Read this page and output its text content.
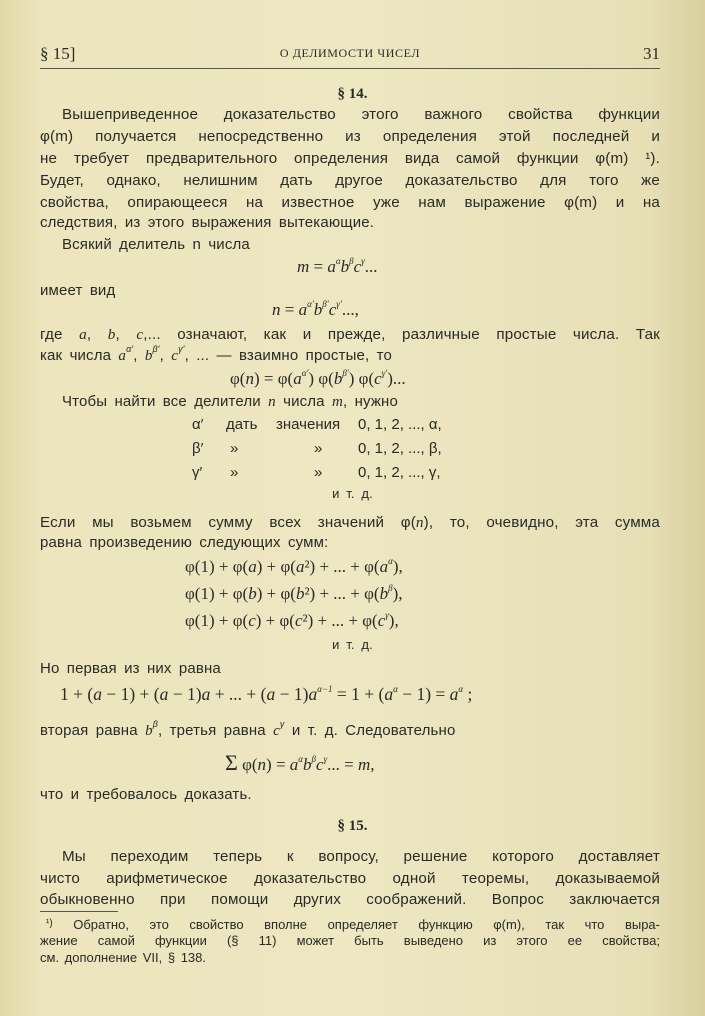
§ 15]	О ДЕЛИМОСТИ ЧИСЕЛ	31
§ 14.
Вышеприведенное доказательство этого важного свойства функции
φ(m) получается непосредственно из определения этой последней и
не требует предварительного определения вида самой функции φ(m) ¹).
Будет, однако, нелишним дать другое доказательство для того же
свойства, опирающееся на известное уже нам выражение φ(m) и на
следствия, из этого выражения вытекающие.
Всякий делитель n числа
$m = a^\alpha b^\beta c^\gamma$...
имеет вид
$n = a^{\alpha'}b^{\beta'}c^{\gamma'}$...,
где a, b, c,... означают, как и прежде, различные простые числа. Так
как числа $a^{\alpha'}$, $b^{\beta'}$, $c^{\gamma'}$, ... — взаимно простые, то
$\varphi(n) = \varphi(a^{\alpha'})$ $\varphi(b^{\beta'})$ $\varphi(c^{\gamma'})$...
Чтобы найти все делители n числа m, нужно
α′ дать значения 0, 1, 2, ..., α,
β′ »	» 0, 1, 2, ..., β,
γ′ »	» 0, 1, 2, ..., γ,
и т. д.
Если мы возьмем сумму всех значений φ(n), то, очевидно, эта сумма
равна произведению следующих сумм:
φ(1) + φ(a) + φ(a²) + ... + $\varphi(a^\alpha)$,
φ(1) + φ(b) + φ(b²) + ... + $\varphi(b^\beta)$,
φ(1) + φ(c) + φ(c²) + ... + $\varphi(c^\gamma)$,
и т. д.
Но первая из них равна
1 + (a − 1) + (a − 1)a + ... + $(a - 1)a^{\alpha-1} = 1 + (a^\alpha - 1) = a^\alpha$ ;
вторая равна $b^\beta$, третья равна $c^\gamma$ и т. д. Следовательно
Σ $\varphi(n) = a^\alpha b^\beta c^\gamma$... = m,
что и требовалось доказать.
§ 15.
Мы переходим теперь к вопросу, решение которого доставляет
чисто арифметическое доказательство одной теоремы, доказываемой
обыкновенно при помощи других соображений. Вопрос заключается
$^{^1)}$ Обратно, это свойство вполне определяет функцию φ(m), так что выра-
жение самой функции (§ 11) может быть выведено из этого ее свойства;
см. дополнение VII, § 138.
